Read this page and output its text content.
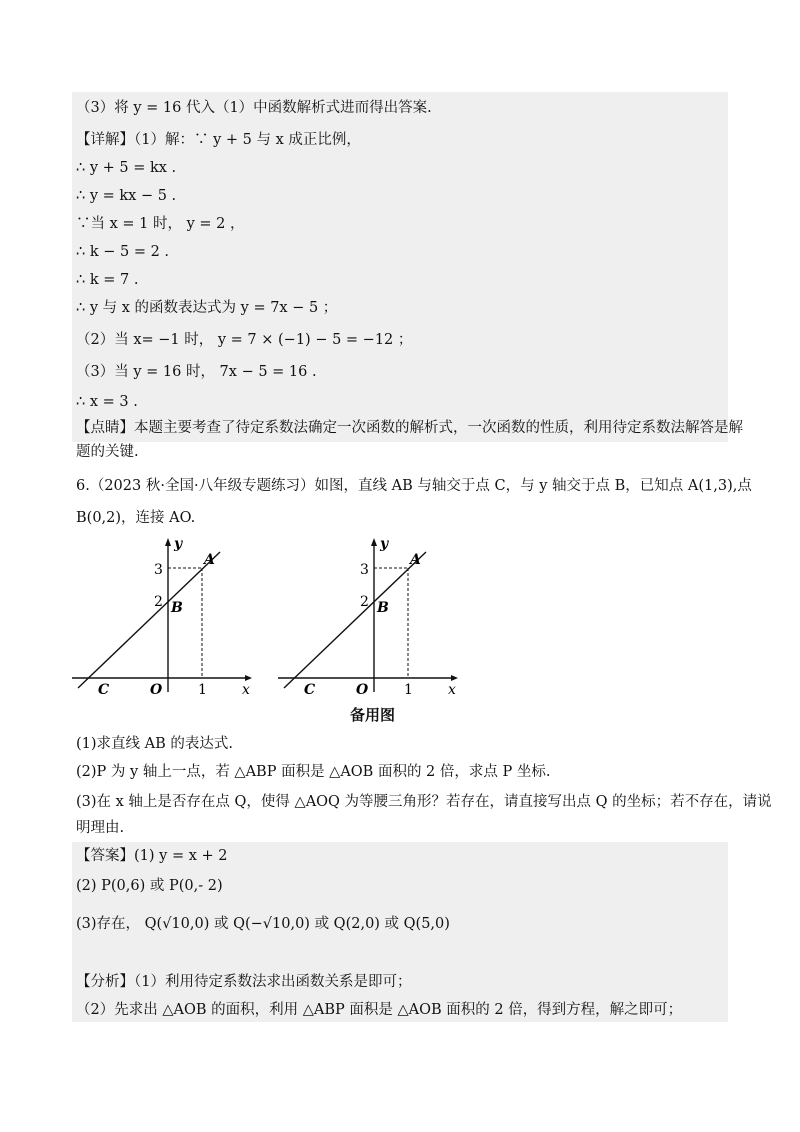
（3）将 y = 16 代入（1）中函数解析式进而得出答案.
【详解】（1）解：∵ y + 5 与 x 成正比例，
∴ y + 5 = kx .
∴ y = kx − 5 .
∵当 x = 1 时， y = 2 ，
∴ k − 5 = 2 .
∴ k = 7 .
∴ y 与 x 的函数表达式为 y = 7x − 5 ；
（2）当 x= −1 时， y = 7 × (−1) − 5 = −12 ；
（3）当 y = 16 时， 7x − 5 = 16 .
∴ x = 3 .
【点睛】本题主要考查了待定系数法确定一次函数的解析式，一次函数的性质，利用待定系数法解答是解
题的关键.
6.（2023 秋·全国·八年级专题练习）如图，直线 AB 与轴交于点 C，与 y 轴交于点 B，已知点 A(1,3),点
B(0,2)，连接 AO.
y
x
A
B
C	O
3
2
1
y
x
A
B
C	O
3
2
1
备用图
(1)求直线 AB 的表达式.
(2)P 为 y 轴上一点，若 △ABP 面积是 △AOB 面积的 2 倍，求点 P 坐标.
(3)在 x 轴上是否存在点 Q，使得 △AOQ 为等腰三角形？若存在，请直接写出点 Q 的坐标；若不存在，请说
明理由.
【答案】(1) y = x + 2
(2) P(0,6) 或 P(0,- 2)
(3)存在， Q(√10,0) 或 Q(−√10,0) 或 Q(2,0) 或 Q(5,0)
【分析】（1）利用待定系数法求出函数关系是即可；
（2）先求出 △AOB 的面积，利用 △ABP 面积是 △AOB 面积的 2 倍，得到方程，解之即可；
